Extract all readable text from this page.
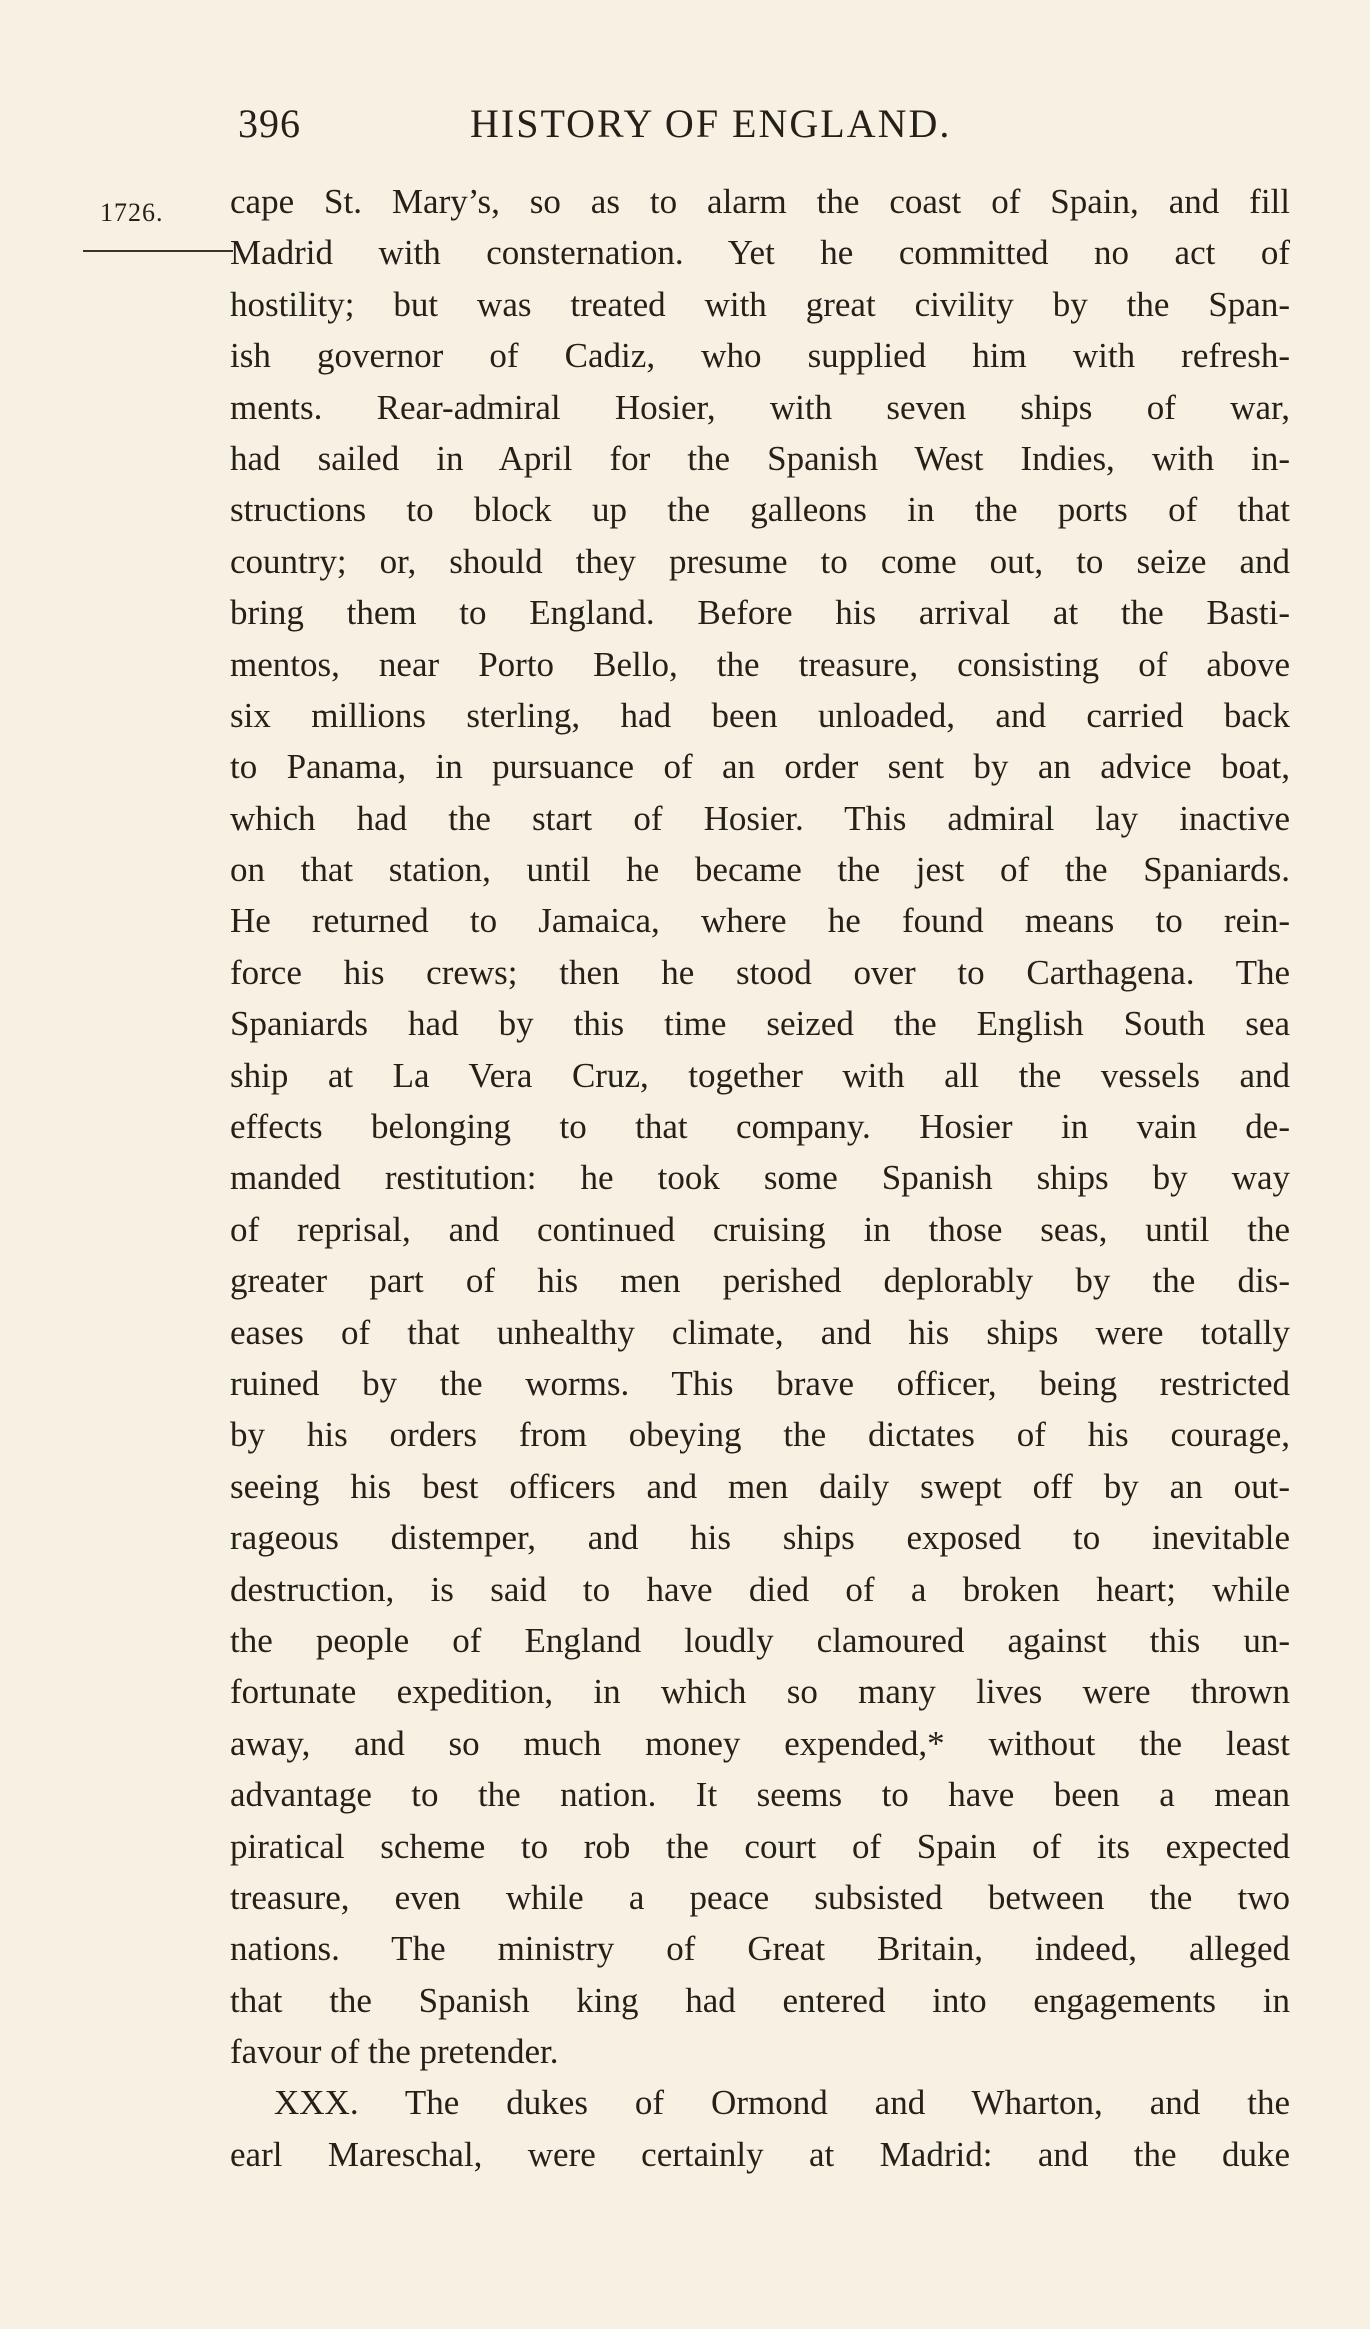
396	HISTORY OF ENGLAND.
1726. cape St. Mary’s, so as to alarm the coast of Spain, and fill
Madrid with consternation. Yet he committed no act of
hostility; but was treated with great civility by the Span-
ish governor of Cadiz, who supplied him with refresh-
ments. Rear-admiral Hosier, with seven ships of war,
had sailed in April for the Spanish West Indies, with in-
structions to block up the galleons in the ports of that
country; or, should they presume to come out, to seize and
bring them to England. Before his arrival at the Basti-
mentos, near Porto Bello, the treasure, consisting of above
six millions sterling, had been unloaded, and carried back
to Panama, in pursuance of an order sent by an advice boat,
which had the start of Hosier. This admiral lay inactive
on that station, until he became the jest of the Spaniards.
He returned to Jamaica, where he found means to rein-
force his crews; then he stood over to Carthagena. The
Spaniards had by this time seized the English South sea
ship at La Vera Cruz, together with all the vessels and
effects belonging to that company. Hosier in vain de-
manded restitution: he took some Spanish ships by way
of reprisal, and continued cruising in those seas, until the
greater part of his men perished deplorably by the dis-
eases of that unhealthy climate, and his ships were totally
ruined by the worms. This brave officer, being restricted
by his orders from obeying the dictates of his courage,
seeing his best officers and men daily swept off by an out-
rageous distemper, and his ships exposed to inevitable
destruction, is said to have died of a broken heart; while
the people of England loudly clamoured against this un-
fortunate expedition, in which so many lives were thrown
away, and so much money expended,* without the least
advantage to the nation. It seems to have been a mean
piratical scheme to rob the court of Spain of its expected
treasure, even while a peace subsisted between the two
nations. The ministry of Great Britain, indeed, alleged
that the Spanish king had entered into engagements in
favour of the pretender.
XXX. The dukes of Ormond and Wharton, and the
earl Mareschal, were certainly at Madrid: and the duke
